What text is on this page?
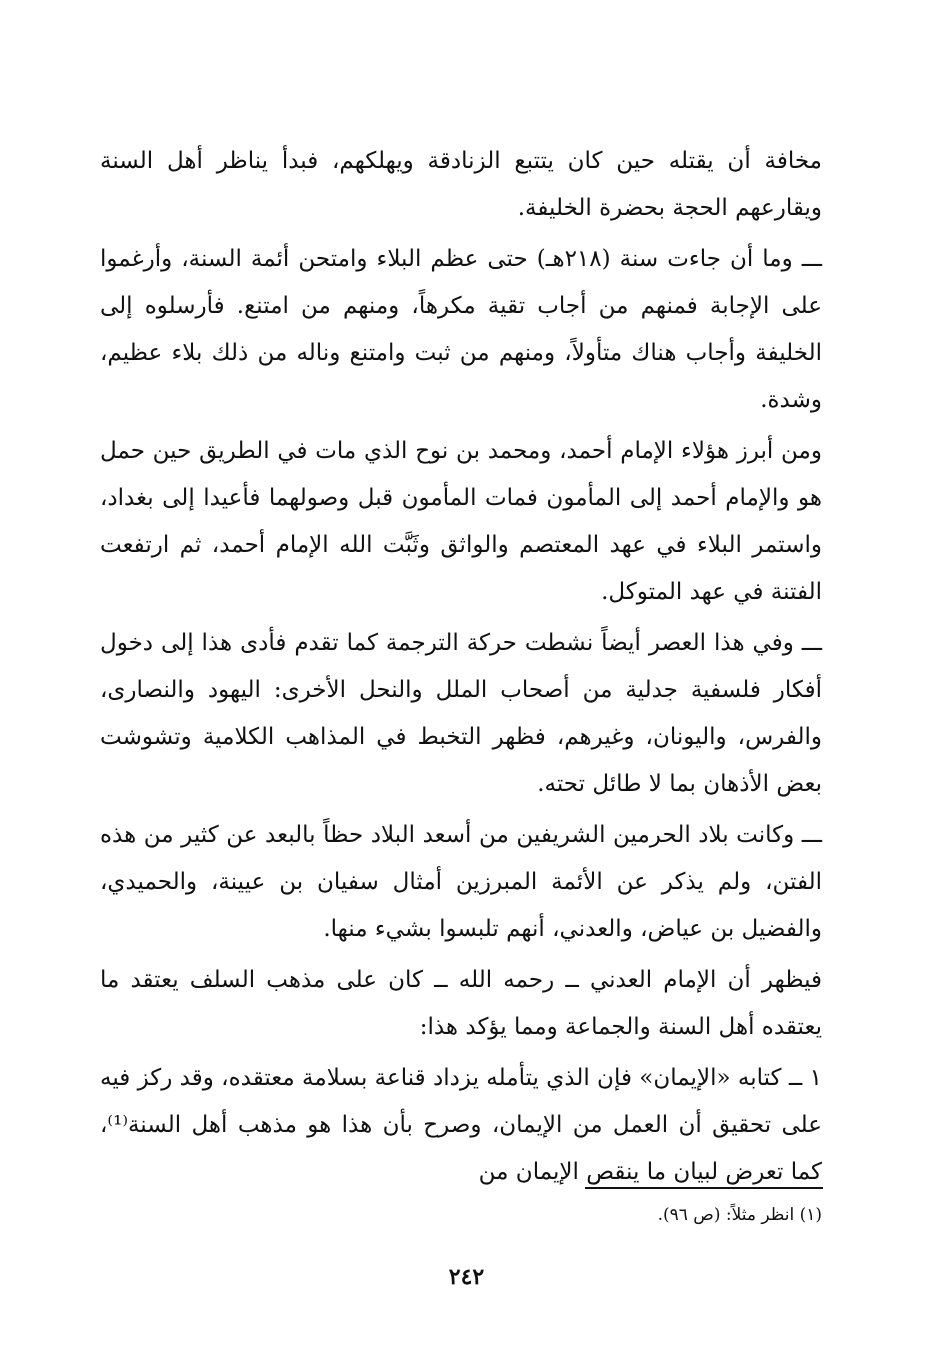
مخافة أن يقتله حين كان يتتبع الزنادقة ويهلكهم، فبدأ يناظر أهل السنة ويقارعهم الحجة بحضرة الخليفة.

ـــ وما أن جاءت سنة (٢١٨هـ) حتى عظم البلاء وامتحن أئمة السنة، وأرغموا على الإجابة فمنهم من أجاب تقية مكرهاً، ومنهم من امتنع. فأرسلوه إلى الخليفة وأجاب هناك متأولاً، ومنهم من ثبت وامتنع وناله من ذلك بلاء عظيم، وشدة.

ومن أبرز هؤلاء الإمام أحمد، ومحمد بن نوح الذي مات في الطريق حين حمل هو والإمام أحمد إلى المأمون فمات المأمون قبل وصولهما فأعيدا إلى بغداد، واستمر البلاء في عهد المعتصم والواثق وثَبَّت الله الإمام أحمد، ثم ارتفعت الفتنة في عهد المتوكل.

ـــ وفي هذا العصر أيضاً نشطت حركة الترجمة كما تقدم فأدى هذا إلى دخول أفكار فلسفية جدلية من أصحاب الملل والنحل الأخرى: اليهود والنصارى، والفرس، واليونان، وغيرهم، فظهر التخبط في المذاهب الكلامية وتشوشت بعض الأذهان بما لا طائل تحته.

ـــ وكانت بلاد الحرمين الشريفين من أسعد البلاد حظاً بالبعد عن كثير من هذه الفتن، ولم يذكر عن الأئمة المبرزين أمثال سفيان بن عيينة، والحميدي، والفضيل بن عياض، والعدني، أنهم تلبسوا بشيء منها.

فيظهر أن الإمام العدني ــ رحمه الله ــ كان على مذهب السلف يعتقد ما يعتقده أهل السنة والجماعة ومما يؤكد هذا:

١ ــ كتابه «الإيمان» فإن الذي يتأمله يزداد قناعة بسلامة معتقده، وقد ركز فيه على تحقيق أن العمل من الإيمان، وصرح بأن هذا هو مذهب أهل السنة⁽¹⁾، كما تعرض لبيان ما ينقص الإيمان من

(١) انظر مثلاً: (ص ٩٦).
٢٤٢
